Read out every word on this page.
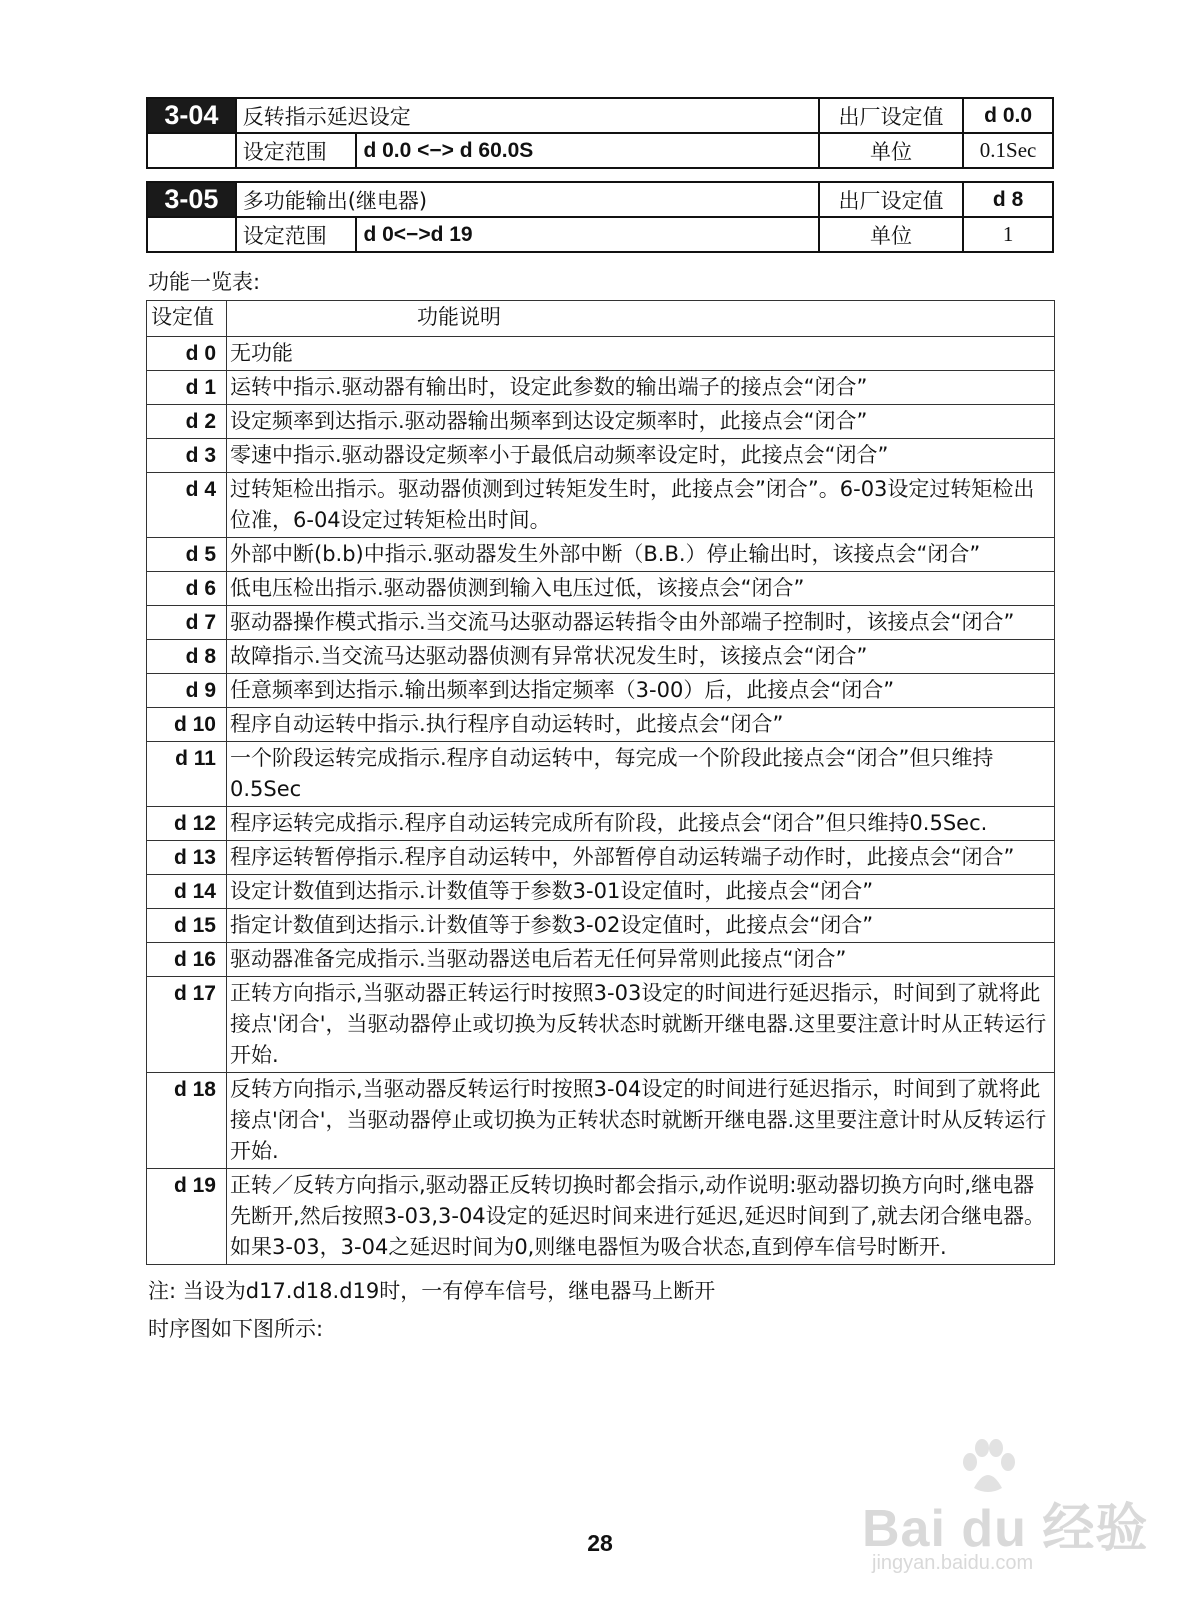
3-04	反转指示延迟设定		出厂设定值	d 0.0
	设定范围	d 0.0 <−> d 60.0S	单位	0.1Sec
3-05	多功能输出(继电器)		出厂设定值	d 8
	设定范围	d 0<−>d 19	单位	1
功能一览表:
设定值	功能说明
d 0	无功能
d 1	运转中指示.驱动器有输出时，设定此参数的输出端子的接点会“闭合”
d 2	设定频率到达指示.驱动器输出频率到达设定频率时，此接点会“闭合”
d 3	零速中指示.驱动器设定频率小于最低启动频率设定时，此接点会“闭合”
d 4	过转矩检出指示。驱动器侦测到过转矩发生时，此接点会”闭合”。6-03设定过转矩检出位准，6-04设定过转矩检出时间。
d 5	外部中断(b.b)中指示.驱动器发生外部中断（B.B.）停止输出时，该接点会“闭合”
d 6	低电压检出指示.驱动器侦测到输入电压过低，该接点会“闭合”
d 7	驱动器操作模式指示.当交流马达驱动器运转指令由外部端子控制时，该接点会“闭合”
d 8	故障指示.当交流马达驱动器侦测有异常状况发生时，该接点会“闭合”
d 9	任意频率到达指示.输出频率到达指定频率（3-00）后，此接点会“闭合”
d 10	程序自动运转中指示.执行程序自动运转时，此接点会“闭合”
d 11	一个阶段运转完成指示.程序自动运转中，每完成一个阶段此接点会“闭合”但只维持0.5Sec
d 12	程序运转完成指示.程序自动运转完成所有阶段，此接点会“闭合”但只维持0.5Sec.
d 13	程序运转暂停指示.程序自动运转中，外部暂停自动运转端子动作时，此接点会“闭合”
d 14	设定计数值到达指示.计数值等于参数3-01设定值时，此接点会“闭合”
d 15	指定计数值到达指示.计数值等于参数3-02设定值时，此接点会“闭合”
d 16	驱动器准备完成指示.当驱动器送电后若无任何异常则此接点“闭合”
d 17	正转方向指示,当驱动器正转运行时按照3-03设定的时间进行延迟指示，时间到了就将此接点'闭合'，当驱动器停止或切换为反转状态时就断开继电器.这里要注意计时从正转运行开始.
d 18	反转方向指示,当驱动器反转运行时按照3-04设定的时间进行延迟指示，时间到了就将此接点'闭合'，当驱动器停止或切换为正转状态时就断开继电器.这里要注意计时从反转运行开始.
d 19	正转／反转方向指示,驱动器正反转切换时都会指示,动作说明:驱动器切换方向时,继电器先断开,然后按照3-03,3-04设定的延迟时间来进行延迟,延迟时间到了,就去闭合继电器。如果3-03，3-04之延迟时间为0,则继电器恒为吸合状态,直到停车信号时断开.
注: 当设为d17.d18.d19时，一有停车信号，继电器马上断开
时序图如下图所示:
28	Bai du 经验
jingyan.baidu.com
